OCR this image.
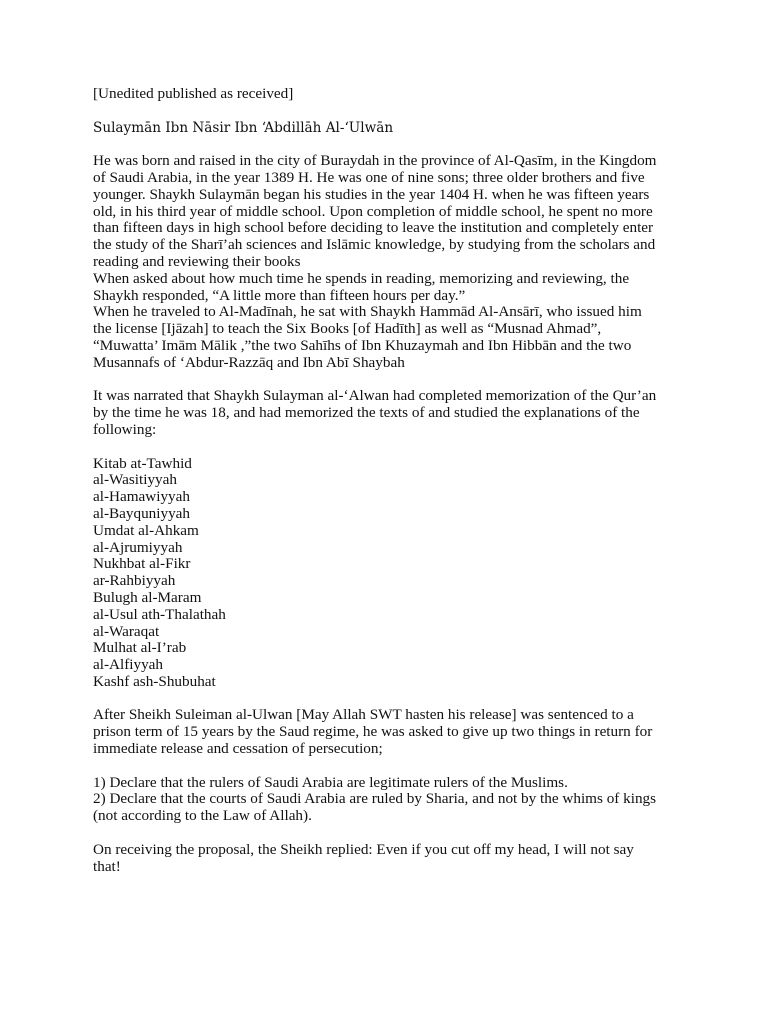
[Unedited published as received]
Sulaymān Ibn Nāsir Ibn ‘Abdillāh Al-‘Ulwān
He was born and raised in the city of Buraydah in the province of Al-Qasīm, in the Kingdom
of Saudi Arabia, in the year 1389 H. He was one of nine sons; three older brothers and five
younger. Shaykh Sulaymān began his studies in the year 1404 H. when he was fifteen years
old, in his third year of middle school. Upon completion of middle school, he spent no more
than fifteen days in high school before deciding to leave the institution and completely enter
the study of the Sharī’ah sciences and Islāmic knowledge, by studying from the scholars and
reading and reviewing their books
When asked about how much time he spends in reading, memorizing and reviewing, the
Shaykh responded, “A little more than fifteen hours per day.”
When he traveled to Al-Madīnah, he sat with Shaykh Hammād Al-Ansārī, who issued him
the license [Ijāzah] to teach the Six Books [of Hadīth] as well as “Musnad Ahmad”,
“Muwatta’ Imām Mālik ,”the two Sahīhs of Ibn Khuzaymah and Ibn Hibbān and the two
Musannafs of ‘Abdur-Razzāq and Ibn Abī Shaybah
It was narrated that Shaykh Sulayman al-‘Alwan had completed memorization of the Qur’an
by the time he was 18, and had memorized the texts of and studied the explanations of the
following:
Kitab at-Tawhid
al-Wasitiyyah
al-Hamawiyyah
al-Bayquniyyah
Umdat al-Ahkam
al-Ajrumiyyah
Nukhbat al-Fikr
ar-Rahbiyyah
Bulugh al-Maram
al-Usul ath-Thalathah
al-Waraqat
Mulhat al-I’rab
al-Alfiyyah
Kashf ash-Shubuhat
After Sheikh Suleiman al-Ulwan [May Allah SWT hasten his release] was sentenced to a
prison term of 15 years by the Saud regime, he was asked to give up two things in return for
immediate release and cessation of persecution;
1) Declare that the rulers of Saudi Arabia are legitimate rulers of the Muslims.
2) Declare that the courts of Saudi Arabia are ruled by Sharia, and not by the whims of kings
(not according to the Law of Allah).
On receiving the proposal, the Sheikh replied: Even if you cut off my head, I will not say
that!
